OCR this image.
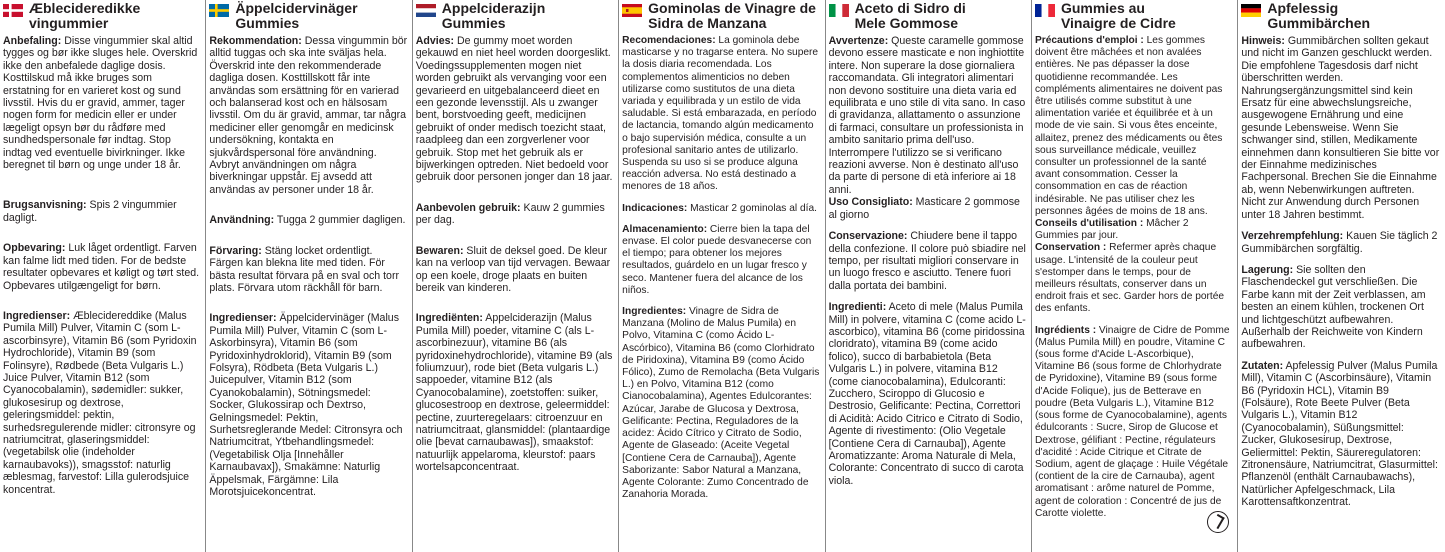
Æblecideredikke
vingummier

Anbefaling: Disse vingummier skal altid tygges og bør ikke sluges hele. Overskrid ikke den anbefalede daglige dosis. Kosttilskud må ikke bruges som erstatning for en varieret kost og sund livsstil. Hvis du er gravid, ammer, tager nogen form for medicin eller er under lægeligt opsyn bør du rådføre med sundhedspersonale før indtag. Stop indtag ved eventuelle bivirkninger. Ikke beregnet til børn og unge under 18 år.

Brugsanvisning: Spis 2 vingummier dagligt.

Opbevaring: Luk låget ordentligt. Farven kan falme lidt med tiden. For de bedste resultater opbevares et køligt og tørt sted. Opbevares utilgængeligt for børn.

Ingredienser: Æblecidereddike (Malus Pumila Mill) Pulver, Vitamin C (som L-ascorbinsyre), Vitamin B6 (som Pyridoxin Hydrochloride), Vitamin B9 (som Folinsyre), Rødbede (Beta Vulgaris L.) Juice Pulver, Vitamin B12 (som Cyanocobalamin), sødemidler: sukker, glukosesirup og dextrose, geleringsmiddel: pektin, surhedsregulerende midler: citronsyre og natriumcitrat, glaseringsmiddel: (vegetabilsk olie (indeholder karnaubavoks)), smagsstof: naturlig æblesmag, farvestof: Lilla gulerodsjuice koncentrat.

Äppelcidervinäger
Gummies

Rekommendation: Dessa vingummin bör alltid tuggas och ska inte sväljas hela. Överskrid inte den rekommenderade dagliga dosen. Kosttillskott får inte användas som ersättning för en varierad och balanserad kost och en hälsosam livsstil. Om du är gravid, ammar, tar några mediciner eller genomgår en medicinsk undersökning, kontakta en sjukvårdspersonal före användning. Avbryt användningen om några biverkningar uppstår. Ej avsedd att användas av personer under 18 år.

Användning: Tugga 2 gummier dagligen.

Förvaring: Stäng locket ordentligt. Färgen kan blekna lite med tiden. För bästa resultat förvara på en sval och torr plats. Förvara utom räckhåll för barn.

Ingredienser: Äppelcidervinäger (Malus Pumila Mill) Pulver, Vitamin C (som L-Askorbinsyra), Vitamin B6 (som Pyridoxinhydroklorid), Vitamin B9 (som Folsyra), Rödbeta (Beta Vulgaris L.) Juicepulver, Vitamin B12 (som Cyanokobalamin), Sötningsmedel: Socker, Glukossirap och Dextrso, Gelningsmedel: Pektin, Surhetsreglerande Medel: Citronsyra och Natriumcitrat, Ytbehandlingsmedel: (Vegetabilisk Olja [Innehåller Karnaubavax]), Smakämne: Naturlig Äppelsmak, Färgämne: Lila Morotsjuicekoncentrat.

Appelciderazijn
Gummies

Advies: De gummy moet worden gekauwd en niet heel worden doorgeslikt. Voedingssupplementen mogen niet worden gebruikt als vervanging voor een gevarieerd en uitgebalanceerd dieet en een gezonde levensstijl. Als u zwanger bent, borstvoeding geeft, medicijnen gebruikt of onder medisch toezicht staat, raadpleeg dan een zorgverlener voor gebruik. Stop met het gebruik als er bijwerkingen optreden. Niet bedoeld voor gebruik door personen jonger dan 18 jaar.

Aanbevolen gebruik: Kauw 2 gummies per dag.

Bewaren: Sluit de deksel goed. De kleur kan na verloop van tijd vervagen. Bewaar op een koele, droge plaats en buiten bereik van kinderen.

Ingrediënten: Appelciderazijn (Malus Pumila Mill) poeder, vitamine C (als L-ascorbinezuur), vitamine B6 (als pyridoxinehydrochloride), vitamine B9 (als foliumzuur), rode biet (Beta vulgaris L.) sappoeder, vitamine B12 (als Cyanocobalamine), zoetstoffen: suiker, glucosestroop en dextrose, geleermiddel: pectine, zuurteregelaars: citroenzuur en natriumcitraat, glansmiddel: (plantaardige olie [bevat carnaubawas]), smaakstof: natuurlijk appelaroma, kleurstof: paars wortelsapconcentraat.

Gominolas de Vinagre de
Sidra de Manzana

Recomendaciones: La gominola debe masticarse y no tragarse entera. No supere la dosis diaria recomendada. Los complementos alimenticios no deben utilizarse como sustitutos de una dieta variada y equilibrada y un estilo de vida saludable. Si está embarazada, en período de lactancia, tomando algún medicamento o bajo supervisión médica, consulte a un profesional sanitario antes de utilizarlo. Suspenda su uso si se produce alguna reacción adversa. No está destinado a menores de 18 años.

Indicaciones: Masticar 2 gominolas al día.

Almacenamiento: Cierre bien la tapa del envase. El color puede desvanecerse con el tiempo; para obtener los mejores resultados, guárdelo en un lugar fresco y seco. Mantener fuera del alcance de los niños.

Ingredientes: Vinagre de Sidra de Manzana (Molino de Malus Pumila) en Polvo, Vitamina C (como Ácido L-Ascórbico), Vitamina B6 (como Clorhidrato de Piridoxina), Vitamina B9 (como Ácido Fólico), Zumo de Remolacha (Beta Vulgaris L.) en Polvo, Vitamina B12 (como Cianocobalamina), Agentes Edulcorantes: Azúcar, Jarabe de Glucosa y Dextrosa, Gelificante: Pectina, Reguladores de la acidez: Ácido Cítrico y Citrato de Sodio, Agente de Glaseado: (Aceite Vegetal [Contiene Cera de Carnauba]), Agente Saborizante: Sabor Natural a Manzana, Agente Colorante: Zumo Concentrado de Zanahoria Morada.

Aceto di Sidro di
Mele Gommose

Avvertenze: Queste caramelle gommose devono essere masticate e non inghiottite intere. Non superare la dose giornaliera raccomandata. Gli integratori alimentari non devono sostituire una dieta varia ed equilibrata e uno stile di vita sano. In caso di gravidanza, allattamento o assunzione di farmaci, consultare un professionista in ambito sanitario prima dell'uso. Interrompere l'utilizzo se si verificano reazioni avverse. Non è destinato all'uso da parte di persone di età inferiore ai 18 anni.

Uso Consigliato: Masticare 2 gommose al giorno

Conservazione: Chiudere bene il tappo della confezione. Il colore può sbiadire nel tempo, per risultati migliori conservare in un luogo fresco e asciutto. Tenere fuori dalla portata dei bambini.

Ingredienti: Aceto di mele (Malus Pumila Mill) in polvere, vitamina C (come acido L-ascorbico), vitamina B6 (come piridossina cloridrato), vitamina B9 (come acido folico), succo di barbabietola (Beta Vulgaris L.) in polvere, vitamina B12 (come cianocobalamina), Edulcoranti: Zucchero, Sciroppo di Glucosio e Destrosio, Gelificante: Pectina, Correttori di Acidità: Acido Citrico e Citrato di Sodio, Agente di rivestimento: (Olio Vegetale [Contiene Cera di Carnauba]), Agente Aromatizzante: Aroma Naturale di Mela, Colorante: Concentrato di succo di carota viola.

Gummies au
Vinaigre de Cidre

Précautions d'emploi : Les gommes doivent être mâchées et non avalées entières. Ne pas dépasser la dose quotidienne recommandée. Les compléments alimentaires ne doivent pas être utilisés comme substitut à une alimentation variée et équilibrée et à un mode de vie sain. Si vous êtes enceinte, allaitez, prenez des médicaments ou êtes sous surveillance médicale, veuillez consulter un professionnel de la santé avant consommation. Cesser la consommation en cas de réaction indésirable. Ne pas utiliser chez les personnes âgées de moins de 18 ans.

Conseils d'utilisation : Mâcher 2 Gummies par jour.

Conservation : Refermer après chaque usage. L'intensité de la couleur peut s'estomper dans le temps, pour de meilleurs résultats, conserver dans un endroit frais et sec. Garder hors de portée des enfants.

Ingrédients : Vinaigre de Cidre de Pomme (Malus Pumila Mill) en poudre, Vitamine C (sous forme d'Acide L-Ascorbique), Vitamine B6 (sous forme de Chlorhydrate de Pyridoxine), Vitamine B9 (sous forme d'Acide Folique), jus de Betterave en poudre (Beta Vulgaris L.), Vitamine B12 (sous forme de Cyanocobalamine), agents édulcorants : Sucre, Sirop de Glucose et Dextrose, gélifiant : Pectine, régulateurs d'acidité : Acide Citrique et Citrate de Sodium, agent de glaçage : Huile Végétale (contient de la cire de Carnauba), agent aromatisant : arôme naturel de Pomme, agent de coloration : Concentré de jus de Carotte violette.

Apfelessig
Gummibärchen

Hinweis: Gummibärchen sollten gekaut und nicht im Ganzen geschluckt werden. Die empfohlene Tagesdosis darf nicht überschritten werden. Nahrungsergänzungsmittel sind kein Ersatz für eine abwechslungsreiche, ausgewogene Ernährung und eine gesunde Lebensweise. Wenn Sie schwanger sind, stillen, Medikamente einnehmen dann konsultieren Sie bitte vor der Einnahme medizinisches Fachpersonal. Brechen Sie die Einnahme ab, wenn Nebenwirkungen auftreten. Nicht zur Anwendung durch Personen unter 18 Jahren bestimmt.

Verzehrempfehlung: Kauen Sie täglich 2 Gummibärchen sorgfältig.

Lagerung: Sie sollten den Flaschendeckel gut verschließen. Die Farbe kann mit der Zeit verblassen, am besten an einem kühlen, trockenen Ort und lichtgeschützt aufbewahren. Außerhalb der Reichweite von Kindern aufbewahren.

Zutaten: Apfelessig Pulver (Malus Pumila Mill), Vitamin C (Ascorbinsäure), Vitamin B6 (Pyridoxin HCL), Vitamin B9 (Folsäure), Rote Beete Pulver (Beta Vulgaris L.), Vitamin B12 (Cyanocobalamin), Süßungsmittel: Zucker, Glukosesirup, Dextrose, Geliermittel: Pektin, Säureregulatoren: Zitronensäure, Natriumcitrat, Glasurmittel: Pflanzenöl (enthält Carnaubawachs), Natürlicher Apfelgeschmack, Lila Karottensaftkonzentrat.
